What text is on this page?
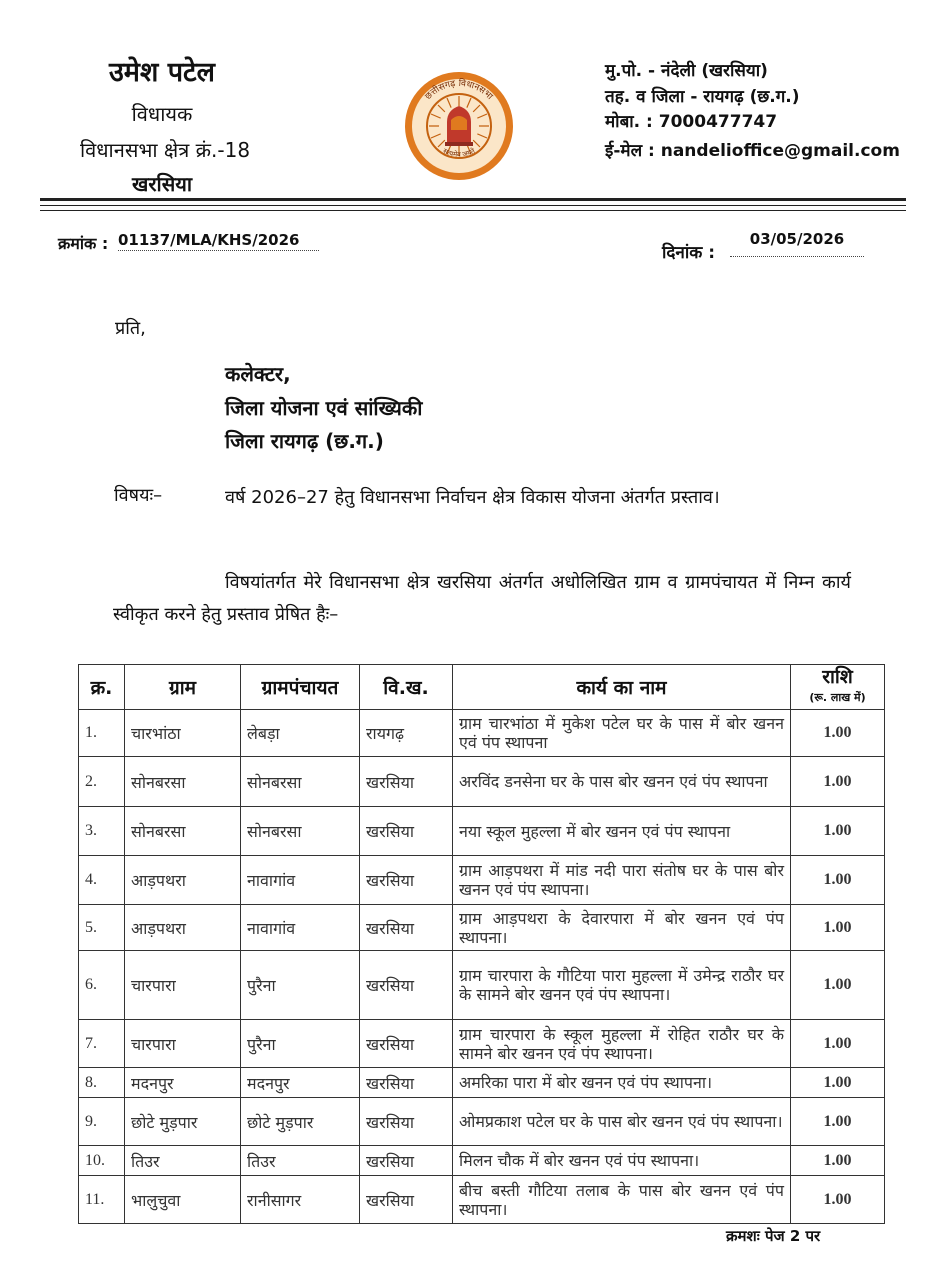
उमेश पटेल
विधायक
विधानसभा क्षेत्र क्रं.-18
खरसिया
छत्तीसगढ़ विधानसभा
सत्यमेव जयते
मु.पो. - नंदेली (खरसिया)
तह. व जिला - रायगढ़ (छ.ग.)
मोबा. : 7000477747
ई-मेल : nandelioffice@gmail.com
क्रमांक : 01137/MLA/KHS/2026
दिनांक :
03/05/2026
प्रति,
कलेक्टर,
जिला योजना एवं सांख्यिकी
जिला रायगढ़ (छ.ग.)
विषयः–	वर्ष 2026–27 हेतु विधानसभा निर्वाचन क्षेत्र विकास योजना अंतर्गत प्रस्ताव।
विषयांतर्गत मेरे विधानसभा क्षेत्र खरसिया अंतर्गत अधोलिखित ग्राम व ग्रामपंचायत में निम्न कार्य स्वीकृत करने हेतु प्रस्ताव प्रेषित हैः–
क्र.	ग्राम	ग्रामपंचायत	वि.ख.	कार्य का नाम	राशि
(रू. लाख में)
1.	चारभांठा	लेबड़ा	रायगढ़	ग्राम चारभांठा में मुकेश पटेल घर के पास में बोर खनन एवं पंप स्थापना	1.00
2.	सोनबरसा	सोनबरसा	खरसिया	अरविंद डनसेना घर के पास बोर खनन एवं पंप स्थापना	1.00
3.	सोनबरसा	सोनबरसा	खरसिया	नया स्कूल मुहल्ला में बोर खनन एवं पंप स्थापना	1.00
4.	आड़पथरा	नावागांव	खरसिया	ग्राम आड़पथरा में मांड नदी पारा संतोष घर के पास बोर खनन एवं पंप स्थापना।	1.00
5.	आड़पथरा	नावागांव	खरसिया	ग्राम आड़पथरा के देवारपारा में बोर खनन एवं पंप स्थापना।	1.00
6.	चारपारा	पुरैना	खरसिया	ग्राम चारपारा के गौटिया पारा मुहल्ला में उमेन्द्र राठौर घर के सामने बोर खनन एवं पंप स्थापना।	1.00
7.	चारपारा	पुरैना	खरसिया	ग्राम चारपारा के स्कूल मुहल्ला में रोहित राठौर घर के सामने बोर खनन एवं पंप स्थापना।	1.00
8.	मदनपुर	मदनपुर	खरसिया	अमरिका पारा में बोर खनन एवं पंप स्थापना।	1.00
9.	छोटे मुड़पार	छोटे मुड़पार	खरसिया	ओमप्रकाश पटेल घर के पास बोर खनन एवं पंप स्थापना।	1.00
10.	तिउर	तिउर	खरसिया	मिलन चौक में बोर खनन एवं पंप स्थापना।	1.00
11.	भालुचुवा	रानीसागर	खरसिया	बीच बस्ती गौटिया तलाब के पास बोर खनन एवं पंप स्थापना।	1.00
क्रमशः पेज 2 पर
